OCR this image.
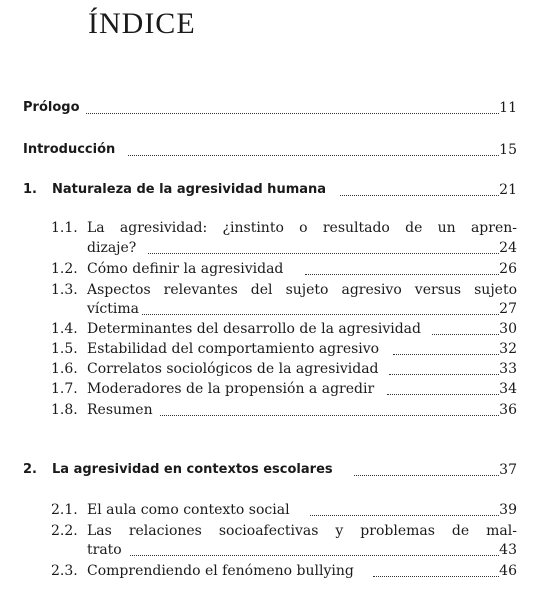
ÍNDICE
Prólogo	11
Introducción	15
1. Naturaleza de la agresividad humana	21
1.1. La agresividad: ¿instinto o resultado de un apren-
dizaje?	24
1.2. Cómo definir la agresividad	26
1.3. Aspectos relevantes del sujeto agresivo versus sujeto
víctima	27
1.4. Determinantes del desarrollo de la agresividad	30
1.5. Estabilidad del comportamiento agresivo	32
1.6. Correlatos sociológicos de la agresividad	33
1.7. Moderadores de la propensión a agredir	34
1.8. Resumen	36
2. La agresividad en contextos escolares	37
2.1. El aula como contexto social	39
2.2. Las relaciones socioafectivas y problemas de mal-
trato	43
2.3. Comprendiendo el fenómeno bullying	46
